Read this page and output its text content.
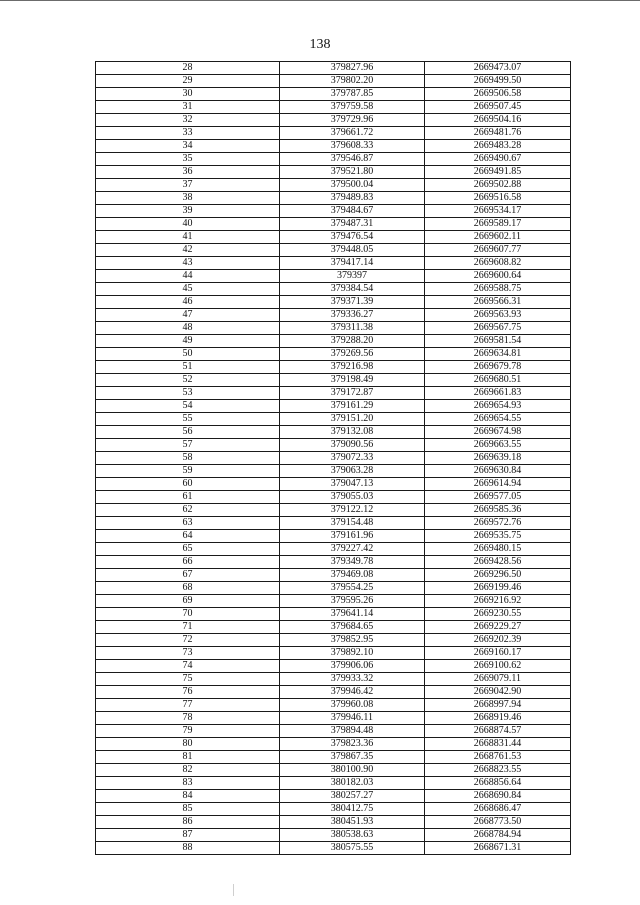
138
28	379827.96	2669473.07
29	379802.20	2669499.50
30	379787.85	2669506.58
31	379759.58	2669507.45
32	379729.96	2669504.16
33	379661.72	2669481.76
34	379608.33	2669483.28
35	379546.87	2669490.67
36	379521.80	2669491.85
37	379500.04	2669502.88
38	379489.83	2669516.58
39	379484.67	2669534.17
40	379487.31	2669589.17
41	379476.54	2669602.11
42	379448.05	2669607.77
43	379417.14	2669608.82
44	379397	2669600.64
45	379384.54	2669588.75
46	379371.39	2669566.31
47	379336.27	2669563.93
48	379311.38	2669567.75
49	379288.20	2669581.54
50	379269.56	2669634.81
51	379216.98	2669679.78
52	379198.49	2669680.51
53	379172.87	2669661.83
54	379161.29	2669654.93
55	379151.20	2669654.55
56	379132.08	2669674.98
57	379090.56	2669663.55
58	379072.33	2669639.18
59	379063.28	2669630.84
60	379047.13	2669614.94
61	379055.03	2669577.05
62	379122.12	2669585.36
63	379154.48	2669572.76
64	379161.96	2669535.75
65	379227.42	2669480.15
66	379349.78	2669428.56
67	379469.08	2669296.50
68	379554.25	2669199.46
69	379595.26	2669216.92
70	379641.14	2669230.55
71	379684.65	2669229.27
72	379852.95	2669202.39
73	379892.10	2669160.17
74	379906.06	2669100.62
75	379933.32	2669079.11
76	379946.42	2669042.90
77	379960.08	2668997.94
78	379946.11	2668919.46
79	379894.48	2668874.57
80	379823.36	2668831.44
81	379867.35	2668761.53
82	380100.90	2668823.55
83	380182.03	2668856.64
84	380257.27	2668690.84
85	380412.75	2668686.47
86	380451.93	2668773.50
87	380538.63	2668784.94
88	380575.55	2668671.31
